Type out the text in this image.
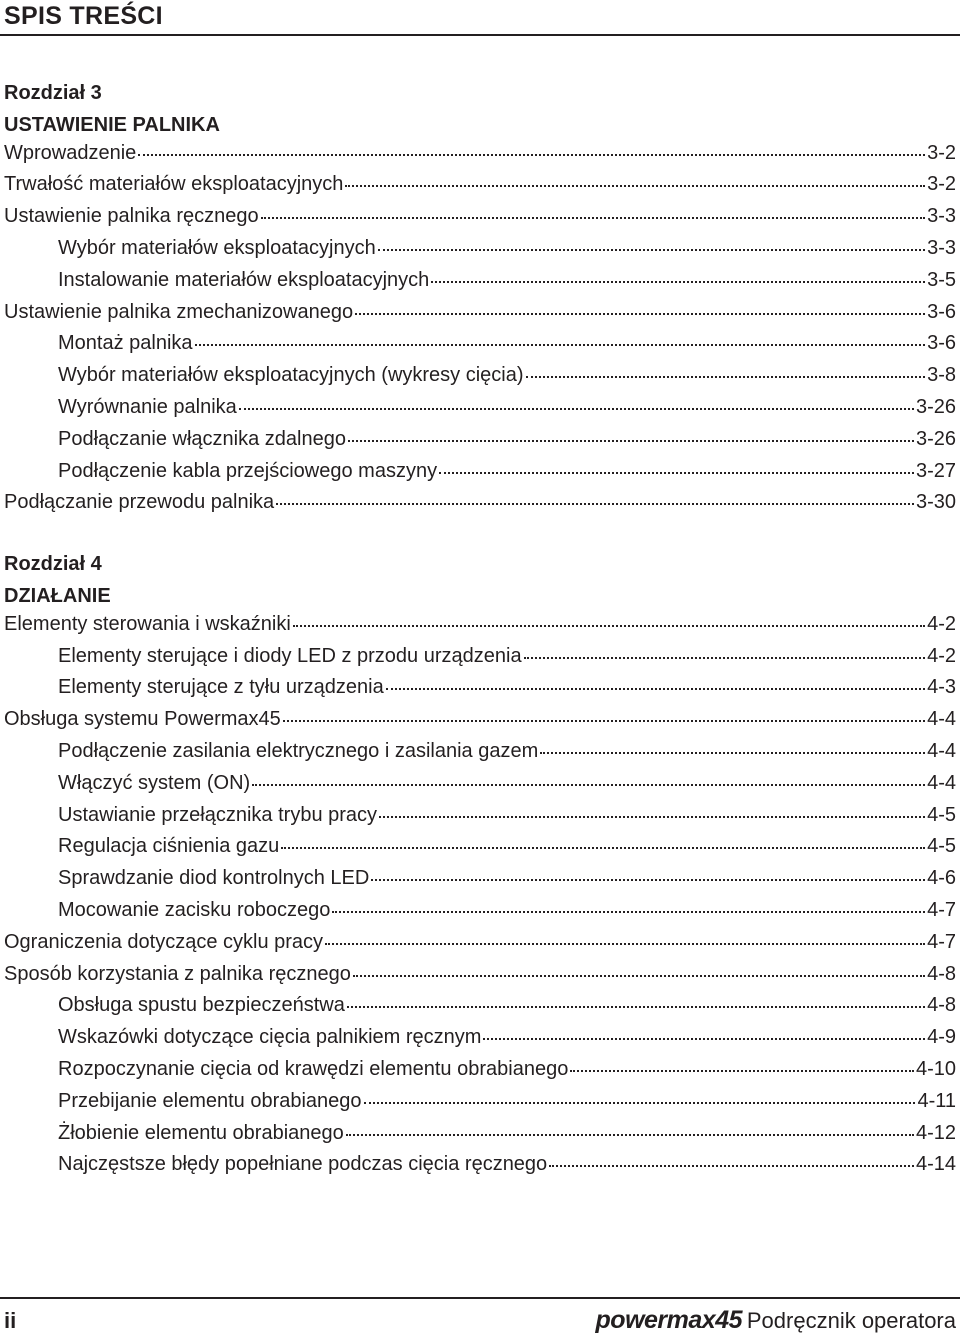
SPIS TREŚCI
Rozdział 3
USTAWIENIE PALNIKA
Wprowadzenie	3-2
Trwałość materiałów eksploatacyjnych	3-2
Ustawienie palnika ręcznego	3-3
Wybór materiałów eksploatacyjnych	3-3
Instalowanie materiałów eksploatacyjnych	3-5
Ustawienie palnika zmechanizowanego	3-6
Montaż palnika	3-6
Wybór materiałów eksploatacyjnych (wykresy cięcia)	3-8
Wyrównanie palnika	3-26
Podłączanie włącznika zdalnego	3-26
Podłączenie kabla przejściowego maszyny	3-27
Podłączanie przewodu palnika	3-30
Rozdział 4
DZIAŁANIE
Elementy sterowania i wskaźniki	4-2
Elementy sterujące i diody LED z przodu urządzenia	4-2
Elementy sterujące z tyłu urządzenia	4-3
Obsługa systemu Powermax45	4-4
Podłączenie zasilania elektrycznego i zasilania gazem	4-4
Włączyć system (ON)	4-4
Ustawianie przełącznika trybu pracy	4-5
Regulacja ciśnienia gazu	4-5
Sprawdzanie diod kontrolnych LED	4-6
Mocowanie zacisku roboczego	4-7
Ograniczenia dotyczące cyklu pracy	4-7
Sposób korzystania z palnika ręcznego	4-8
Obsługa spustu bezpieczeństwa	4-8
Wskazówki dotyczące cięcia palnikiem ręcznym	4-9
Rozpoczynanie cięcia od krawędzi elementu obrabianego	4-10
Przebijanie elementu obrabianego	4-11
Żłobienie elementu obrabianego	4-12
Najczęstsze błędy popełniane podczas cięcia ręcznego	4-14
ii	powermax45 Podręcznik operatora
